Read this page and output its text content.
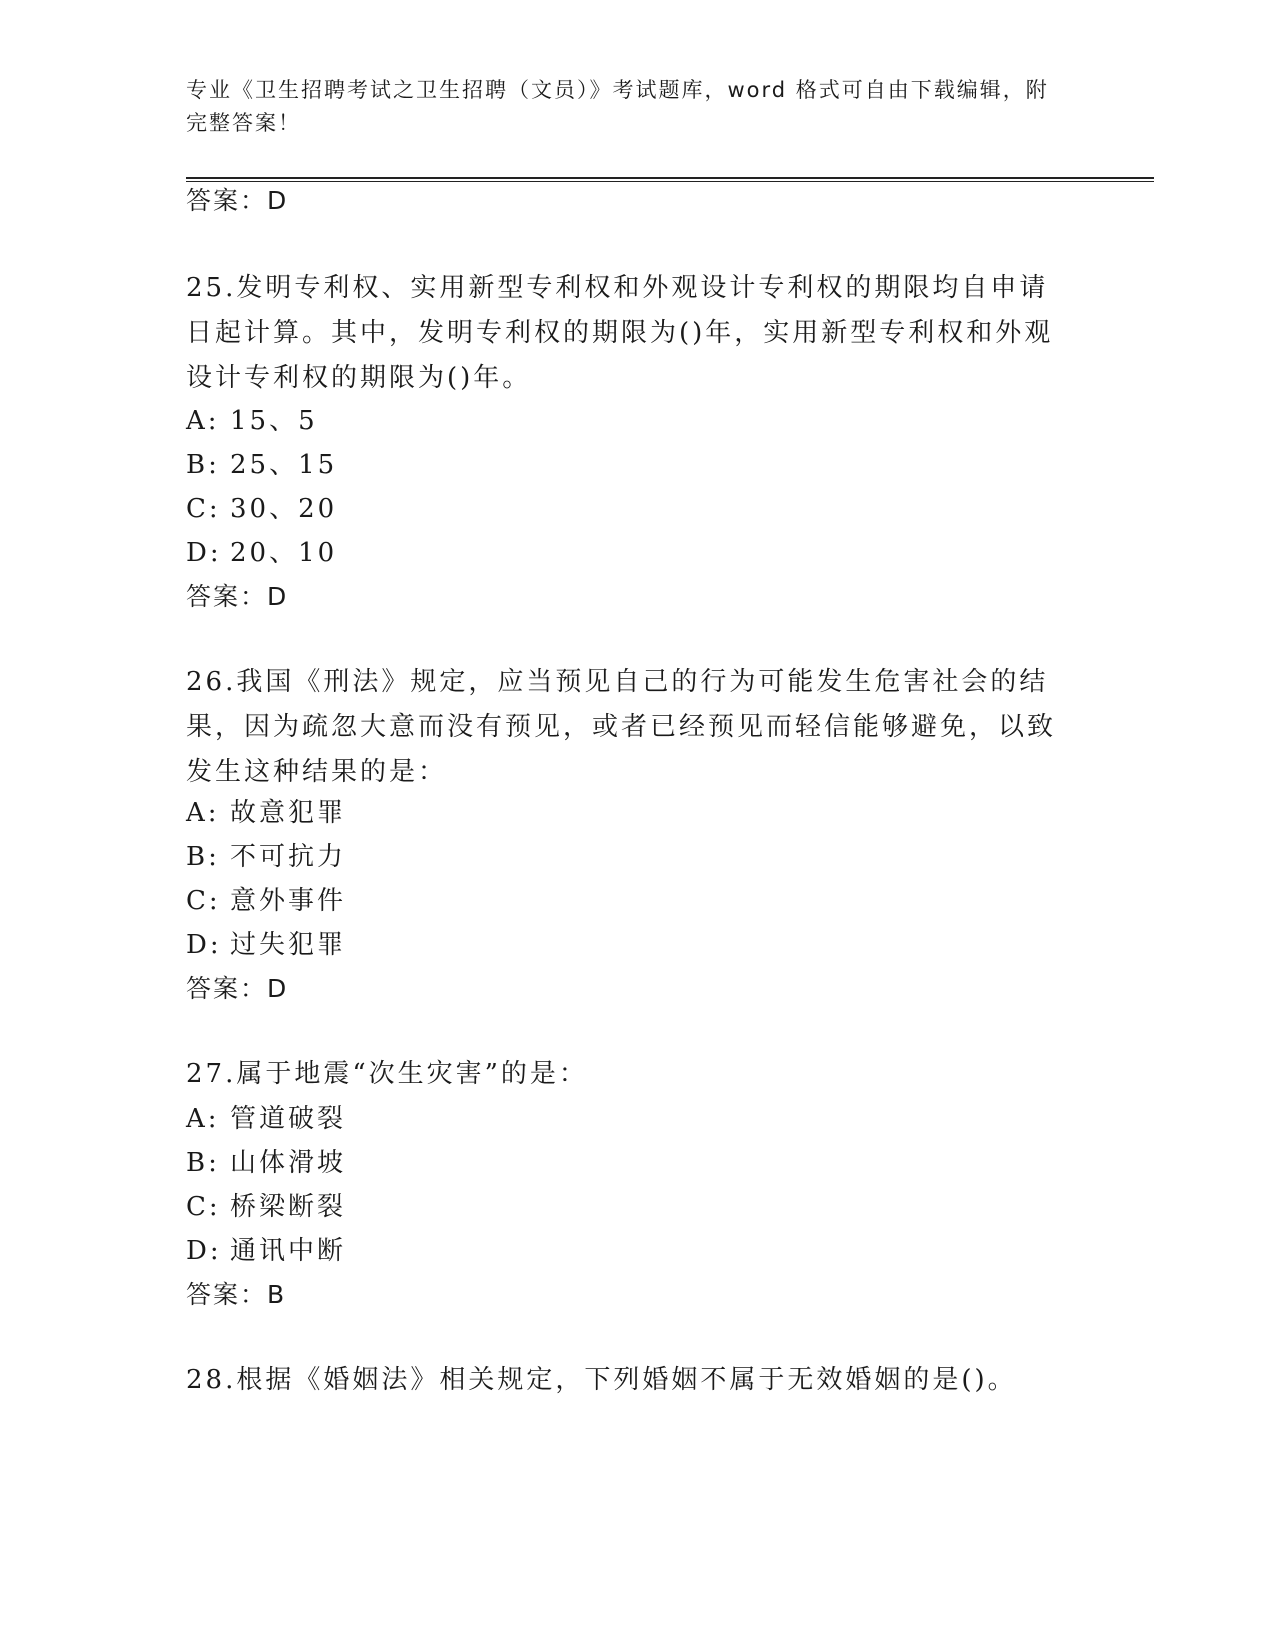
专业《卫生招聘考试之卫生招聘（文员）》考试题库，word 格式可自由下载编辑，附完整答案！
答案：D
25.发明专利权、实用新型专利权和外观设计专利权的期限均自申请日起计算。其中，发明专利权的期限为()年，实用新型专利权和外观设计专利权的期限为()年。
A: 15、5
B: 25、15
C: 30、20
D: 20、10
答案：D
26.我国《刑法》规定，应当预见自己的行为可能发生危害社会的结果，因为疏忽大意而没有预见，或者已经预见而轻信能够避免，以致发生这种结果的是：
A: 故意犯罪
B: 不可抗力
C: 意外事件
D: 过失犯罪
答案：D
27.属于地震“次生灾害”的是：
A: 管道破裂
B: 山体滑坡
C: 桥梁断裂
D: 通讯中断
答案：B
28.根据《婚姻法》相关规定，下列婚姻不属于无效婚姻的是()。
